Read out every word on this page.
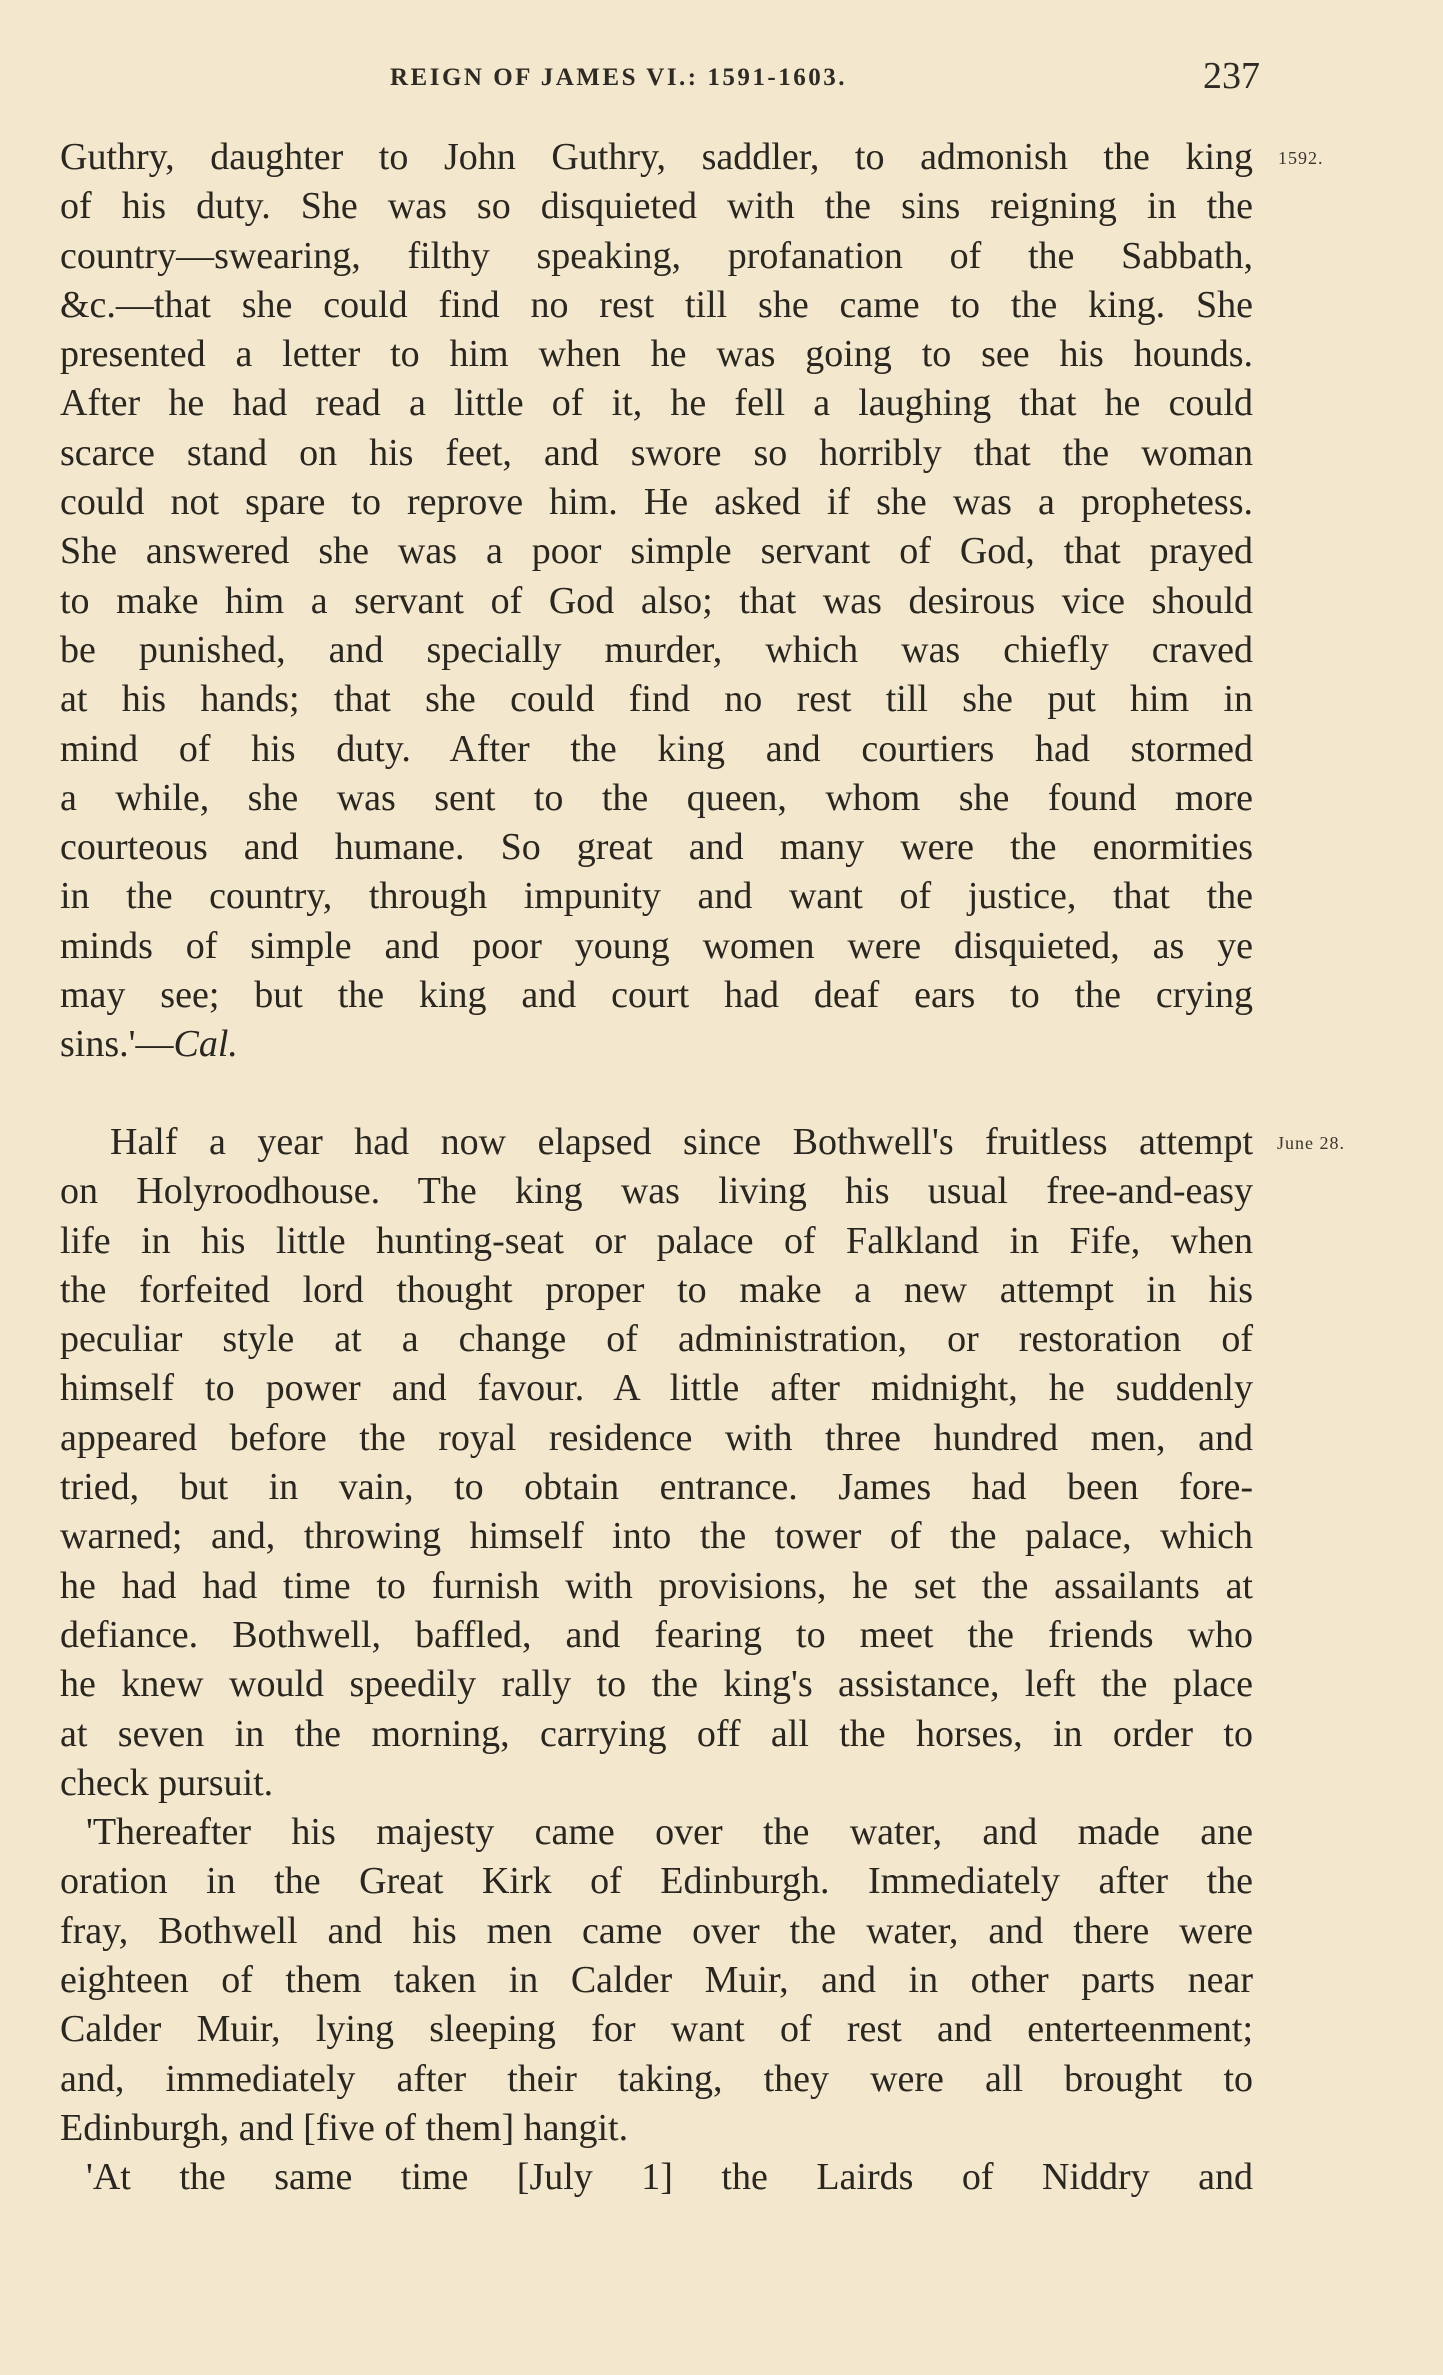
REIGN OF JAMES VI.: 1591-1603.	237
1592.
June 28.
Guthry, daughter to John Guthry, saddler, to admonish the king
of his duty. She was so disquieted with the sins reigning in the
country—swearing, filthy speaking, profanation of the Sabbath,
&c.—that she could find no rest till she came to the king. She
presented a letter to him when he was going to see his hounds.
After he had read a little of it, he fell a laughing that he could
scarce stand on his feet, and swore so horribly that the woman
could not spare to reprove him. He asked if she was a prophetess.
She answered she was a poor simple servant of God, that prayed
to make him a servant of God also; that was desirous vice should
be punished, and specially murder, which was chiefly craved
at his hands; that she could find no rest till she put him in
mind of his duty. After the king and courtiers had stormed
a while, she was sent to the queen, whom she found more
courteous and humane. So great and many were the enormities
in the country, through impunity and want of justice, that the
minds of simple and poor young women were disquieted, as ye
may see; but the king and court had deaf ears to the crying
sins.'—Cal.
Half a year had now elapsed since Bothwell's fruitless attempt
on Holyroodhouse. The king was living his usual free-and-easy
life in his little hunting-seat or palace of Falkland in Fife, when
the forfeited lord thought proper to make a new attempt in his
peculiar style at a change of administration, or restoration of
himself to power and favour. A little after midnight, he suddenly
appeared before the royal residence with three hundred men, and
tried, but in vain, to obtain entrance. James had been fore-
warned; and, throwing himself into the tower of the palace, which
he had had time to furnish with provisions, he set the assailants at
defiance. Bothwell, baffled, and fearing to meet the friends who
he knew would speedily rally to the king's assistance, left the place
at seven in the morning, carrying off all the horses, in order to
check pursuit.
'Thereafter his majesty came over the water, and made ane
oration in the Great Kirk of Edinburgh. Immediately after the
fray, Bothwell and his men came over the water, and there were
eighteen of them taken in Calder Muir, and in other parts near
Calder Muir, lying sleeping for want of rest and enterteenment;
and, immediately after their taking, they were all brought to
Edinburgh, and [five of them] hangit.
'At the same time [July 1] the Lairds of Niddry and
